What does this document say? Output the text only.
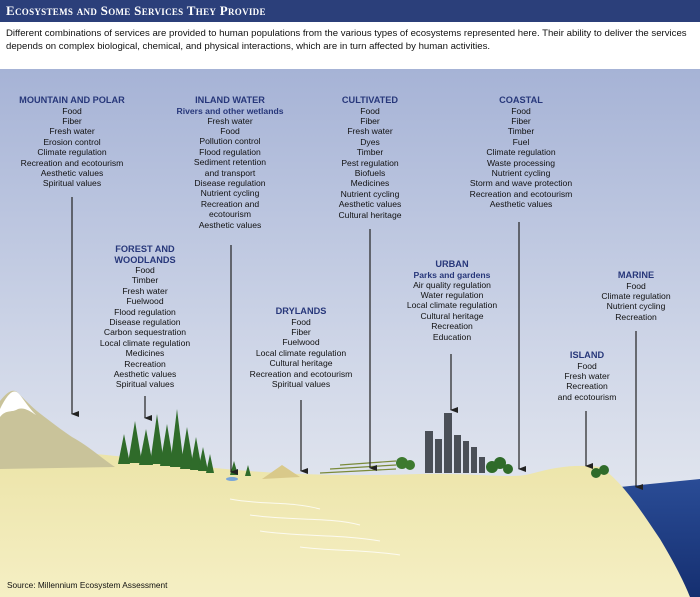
Ecosystems and Some Services They Provide
Different combinations of services are provided to human populations from the various types of ecosystems represented here. Their ability to deliver the services depends on complex biological, chemical, and physical interactions, which are in turn affected by human activities.
MOUNTAIN AND POLAR
Food
Fiber
Fresh water
Erosion control
Climate regulation
Recreation and ecotourism
Aesthetic values
Spiritual values
FOREST AND
WOODLANDS
Food
Timber
Fresh water
Fuelwood
Flood regulation
Disease regulation
Carbon sequestration
Local climate regulation
Medicines
Recreation
Aesthetic values
Spiritual values
INLAND WATER
Rivers and other wetlands
Fresh water
Food
Pollution control
Flood regulation
Sediment retention
and transport
Disease regulation
Nutrient cycling
Recreation and
ecotourism
Aesthetic values
DRYLANDS
Food
Fiber
Fuelwood
Local climate regulation
Cultural heritage
Recreation and ecotourism
Spiritual values
CULTIVATED
Food
Fiber
Fresh water
Dyes
Timber
Pest regulation
Biofuels
Medicines
Nutrient cycling
Aesthetic values
Cultural heritage
URBAN
Parks and gardens
Air quality regulation
Water regulation
Local climate regulation
Cultural heritage
Recreation
Education
COASTAL
Food
Fiber
Timber
Fuel
Climate regulation
Waste processing
Nutrient cycling
Storm and wave protection
Recreation and ecotourism
Aesthetic values
MARINE
Food
Climate regulation
Nutrient cycling
Recreation
ISLAND
Food
Fresh water
Recreation
and ecotourism
Source: Millennium Ecosystem Assessment
